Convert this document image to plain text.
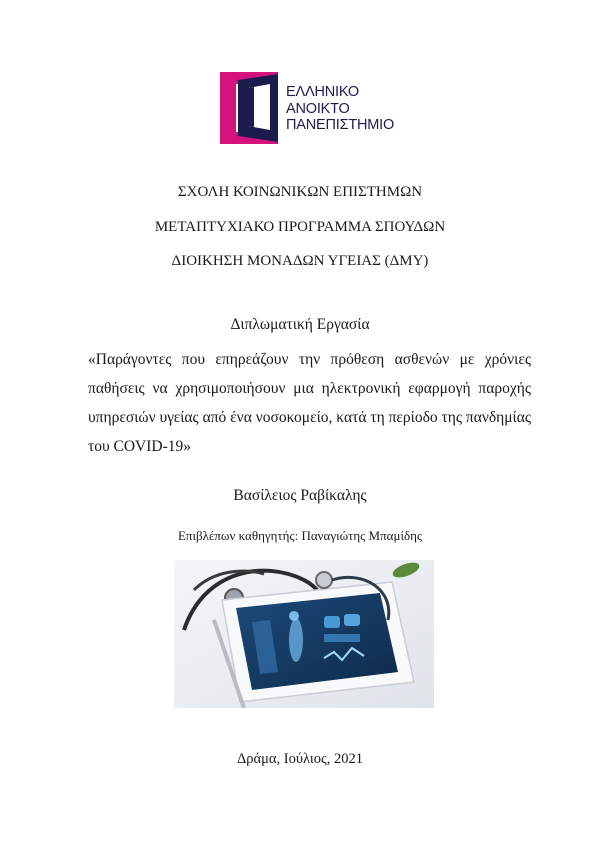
ΕΛΛΗΝΙΚΟ
ΑΝΟΙΚΤΟ
ΠΑΝΕΠΙΣΤΗΜΙΟ
ΣΧΟΛΗ ΚΟΙΝΩΝΙΚΩΝ ΕΠΙΣΤΗΜΩΝ
ΜΕΤΑΠΤΥΧΙΑΚΟ ΠΡΟΓΡΑΜΜΑ ΣΠΟΥΔΩΝ
ΔΙΟΙΚΗΣΗ ΜΟΝΑΔΩΝ ΥΓΕΙΑΣ (ΔΜΥ)
Διπλωματική Εργασία
«Παράγοντες που επηρεάζουν την πρόθεση ασθενών με χρόνιες παθήσεις να χρησιμοποιήσουν μια ηλεκτρονική εφαρμογή παροχής υπηρεσιών υγείας από ένα νοσοκομείο, κατά τη περίοδο της πανδημίας του COVID-19»
Βασίλειος Ραβίκαλης
Επιβλέπων καθηγητής: Παναγιώτης Μπαμίδης
Δράμα, Ιούλιος, 2021
